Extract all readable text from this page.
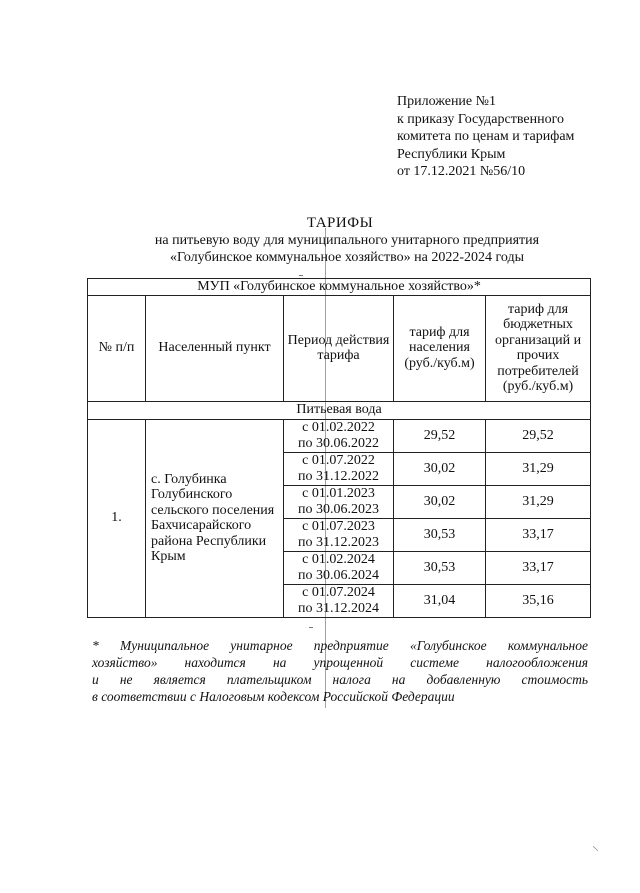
Приложение №1
к приказу Государственного
комитета по ценам и тарифам
Республики Крым
от 17.12.2021 №56/10
ТАРИФЫ
на питьевую воду для муниципального унитарного предприятия
«Голубинское коммунальное хозяйство» на 2022-2024 годы
МУП «Голубинское коммунальное хозяйство»*				
№ п/п	Населенный пункт	Период действия тарифа	тариф для населения (руб./куб.м)	тариф для бюджетных организаций и прочих потребителей (руб./куб.м)
Питьевая вода				
1.	с. Голубинка Голубинского сельского поселения Бахчисарайского района Республики Крым	с 01.02.2022
по 30.06.2022	29,52	29,52

		с 01.07.2022
по 31.12.2022	30,02	31,29

		с 01.01.2023
по 30.06.2023	30,02	31,29

		с 01.07.2023
по 31.12.2023	30,53	33,17

		с 01.02.2024
по 30.06.2024	30,53	33,17

		с 01.07.2024
по 31.12.2024	31,04	35,16
* Муниципальное унитарное предприятие «Голубинское коммунальное
хозяйство» находится на упрощенной системе налогообложения
и не является плательщиком налога на добавленную стоимость
в соответствии с Налоговым кодексом Российской Федерации
